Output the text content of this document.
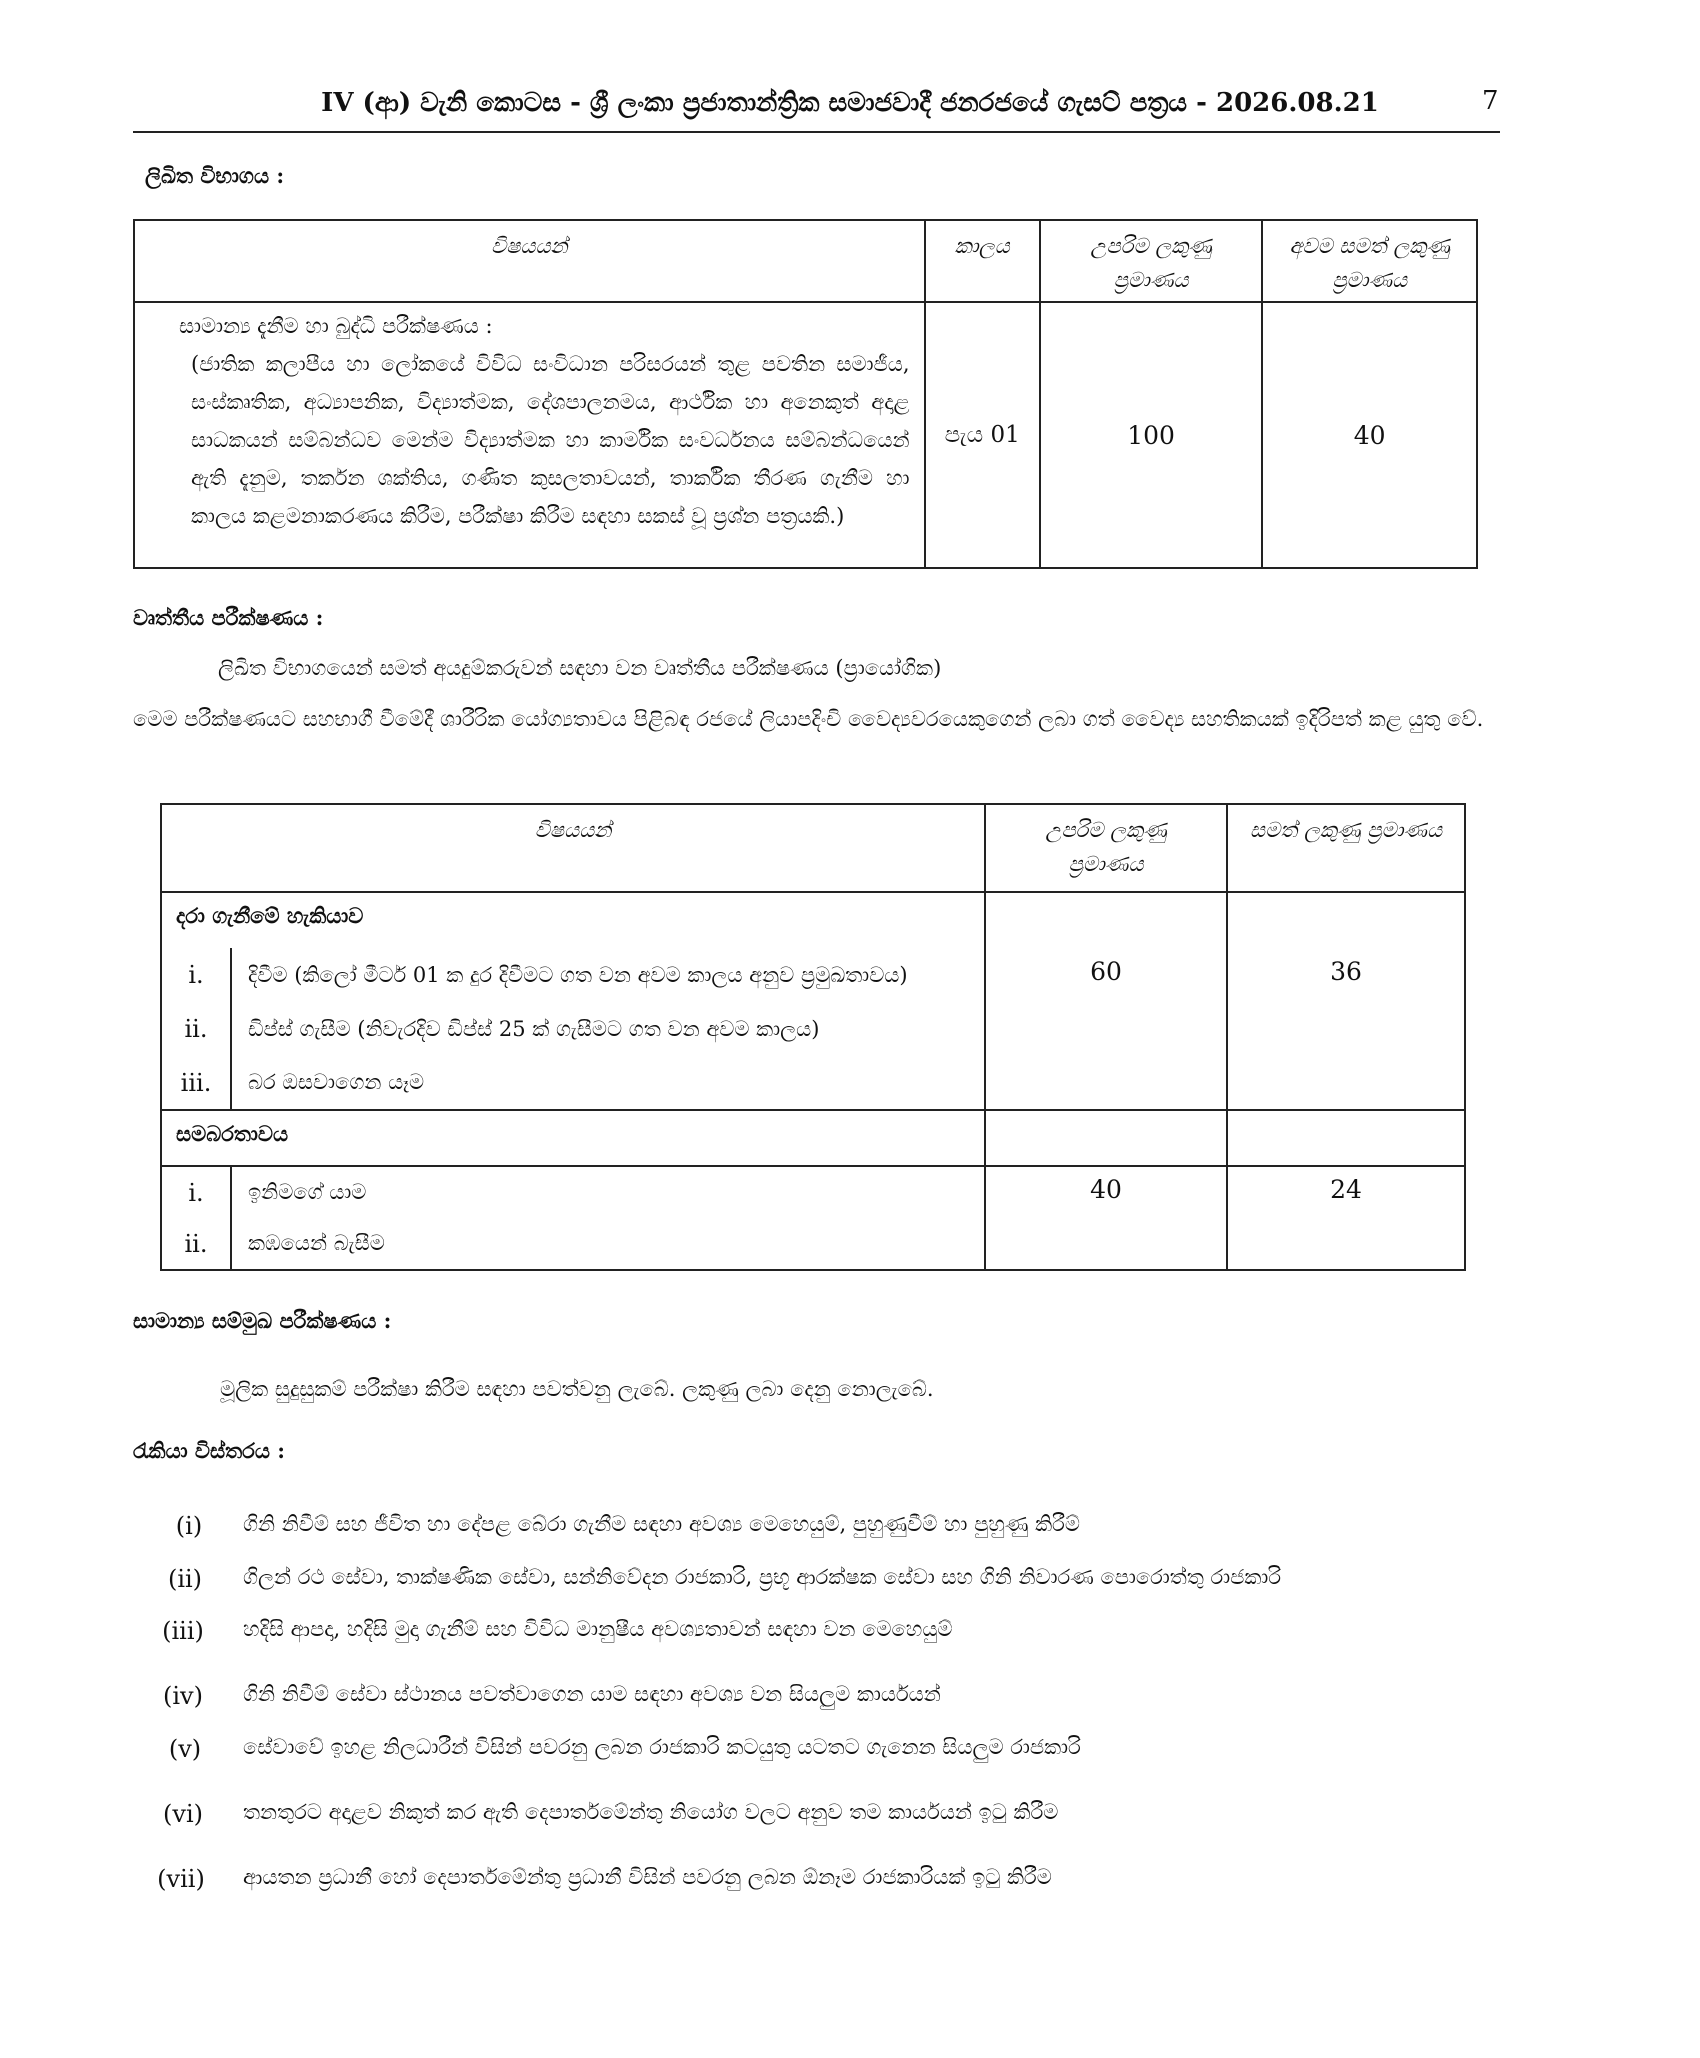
IV (ආ) වැනි කොටස - ශ්‍රී ලංකා ප්‍රජාතාන්ත්‍රික සමාජවාදී ජනරජයේ ගැසට් පත්‍රය - 2026.08.21	7
ලිඛිත විභාගය :
විෂයයන්	කාලය	උපරිම ලකුණු ප්‍රමාණය	අවම සමත් ලකුණු ප්‍රමාණය

සාමාන්‍ය දැනීම හා බුද්ධි පරීක්ෂණය :
(ජාතික කලාපීය හා ලෝකයේ විවිධ සංවිධාන පරිසරයන් තුළ පවතින සමාජීය, සංස්කෘතික, අධ්‍යාපනික, විද්‍යාත්මක, දේශපාලනමය, ආර්ථික හා අනෙකුත් අදාළ සාධකයන් සම්බන්ධව මෙන්ම විද්‍යාත්මක හා කාර්මික සංවර්ධනය සම්බන්ධයෙන් ඇති දැනුම, තර්කන ශක්තිය, ගණිත කුසලතාවයන්, තාර්කික තීරණ ගැනීම හා කාලය කළමනාකරණය කිරීම, පරීක්ෂා කිරීම සඳහා සකස් වූ ප්‍රශ්න පත්‍රයකි.)	පැය 01	100	40
වෘත්තීය පරීක්ෂණය :
ලිඛිත විභාගයෙන් සමත් අයදුම්කරුවන් සඳහා වන වෘත්තීය පරීක්ෂණය (ප්‍රායෝගික)
මෙම පරීක්ෂණයට සහභාගී වීමේදී ශාරීරික යෝග්‍යතාවය පිළිබඳ රජයේ ලියාපදිංචි වෛද්‍යවරයෙකුගෙන් ලබා ගත් වෛද්‍ය සහතිකයක් ඉදිරිපත් කළ යුතු වේ.
විෂයයන්		උපරිම ලකුණු ප්‍රමාණය	සමත් ලකුණු ප්‍රමාණය
දරා ගැනීමේ හැකියාව		60	36
i.	දිවීම (කිලෝ මීටර් 01 ක දුර දිවීමට ගත වන අවම කාලය අනුව ප්‍රමුඛතාවය)		
ii.	ඩිප්ස් ගැසීම (නිවැරදිව ඩිප්ස් 25 ක් ගැසීමට ගත වන අවම කාලය)		
iii.	බර ඔසවාගෙන යෑම		
සමබරතාවය			
i.	ඉනිමගේ යාම	40	24
ii.	කඹයෙන් බැසීම		
සාමාන්‍ය සම්මුඛ පරීක්ෂණය :
මූලික සුදුසුකම් පරීක්ෂා කිරීම සඳහා පවත්වනු ලැබේ. ලකුණු ලබා දෙනු නොලැබේ.
රැකියා විස්තරය :
(i)	ගිනි නිවීම් සහ ජීවිත හා දේපළ බේරා ගැනීම සඳහා අවශ්‍ය මෙහෙයුම්, පුහුණුවීම් හා පුහුණු කිරීම්
(ii)	ගිලන් රථ සේවා, තාක්ෂණික සේවා, සන්නිවේදන රාජකාරි, ප්‍රභූ ආරක්ෂක සේවා සහ ගිනි නිවාරණ පොරොත්තු රාජකාරි
(iii)	හදිසි ආපදා, හදිසි මුදා ගැනීම් සහ විවිධ මානුෂීය අවශ්‍යතාවන් සඳහා වන මෙහෙයුම්
(iv)	ගිනි නිවීම් සේවා ස්ථානය පවත්වාගෙන යාම සඳහා අවශ්‍ය වන සියලුම කාර්යයන්
(v)	සේවාවේ ඉහළ නිලධාරීන් විසින් පවරනු ලබන රාජකාරි කටයුතු යටතට ගැනෙන සියලුම රාජකාරි
(vi)	තනතුරට අදාළව නිකුත් කර ඇති දෙපාර්තමේන්තු නියෝග වලට අනුව තම කාර්යයන් ඉටු කිරීම
(vii)	ආයතන ප්‍රධානී හෝ දෙපාර්තමේන්තු ප්‍රධානී විසින් පවරනු ලබන ඕනෑම රාජකාරියක් ඉටු කිරීම
